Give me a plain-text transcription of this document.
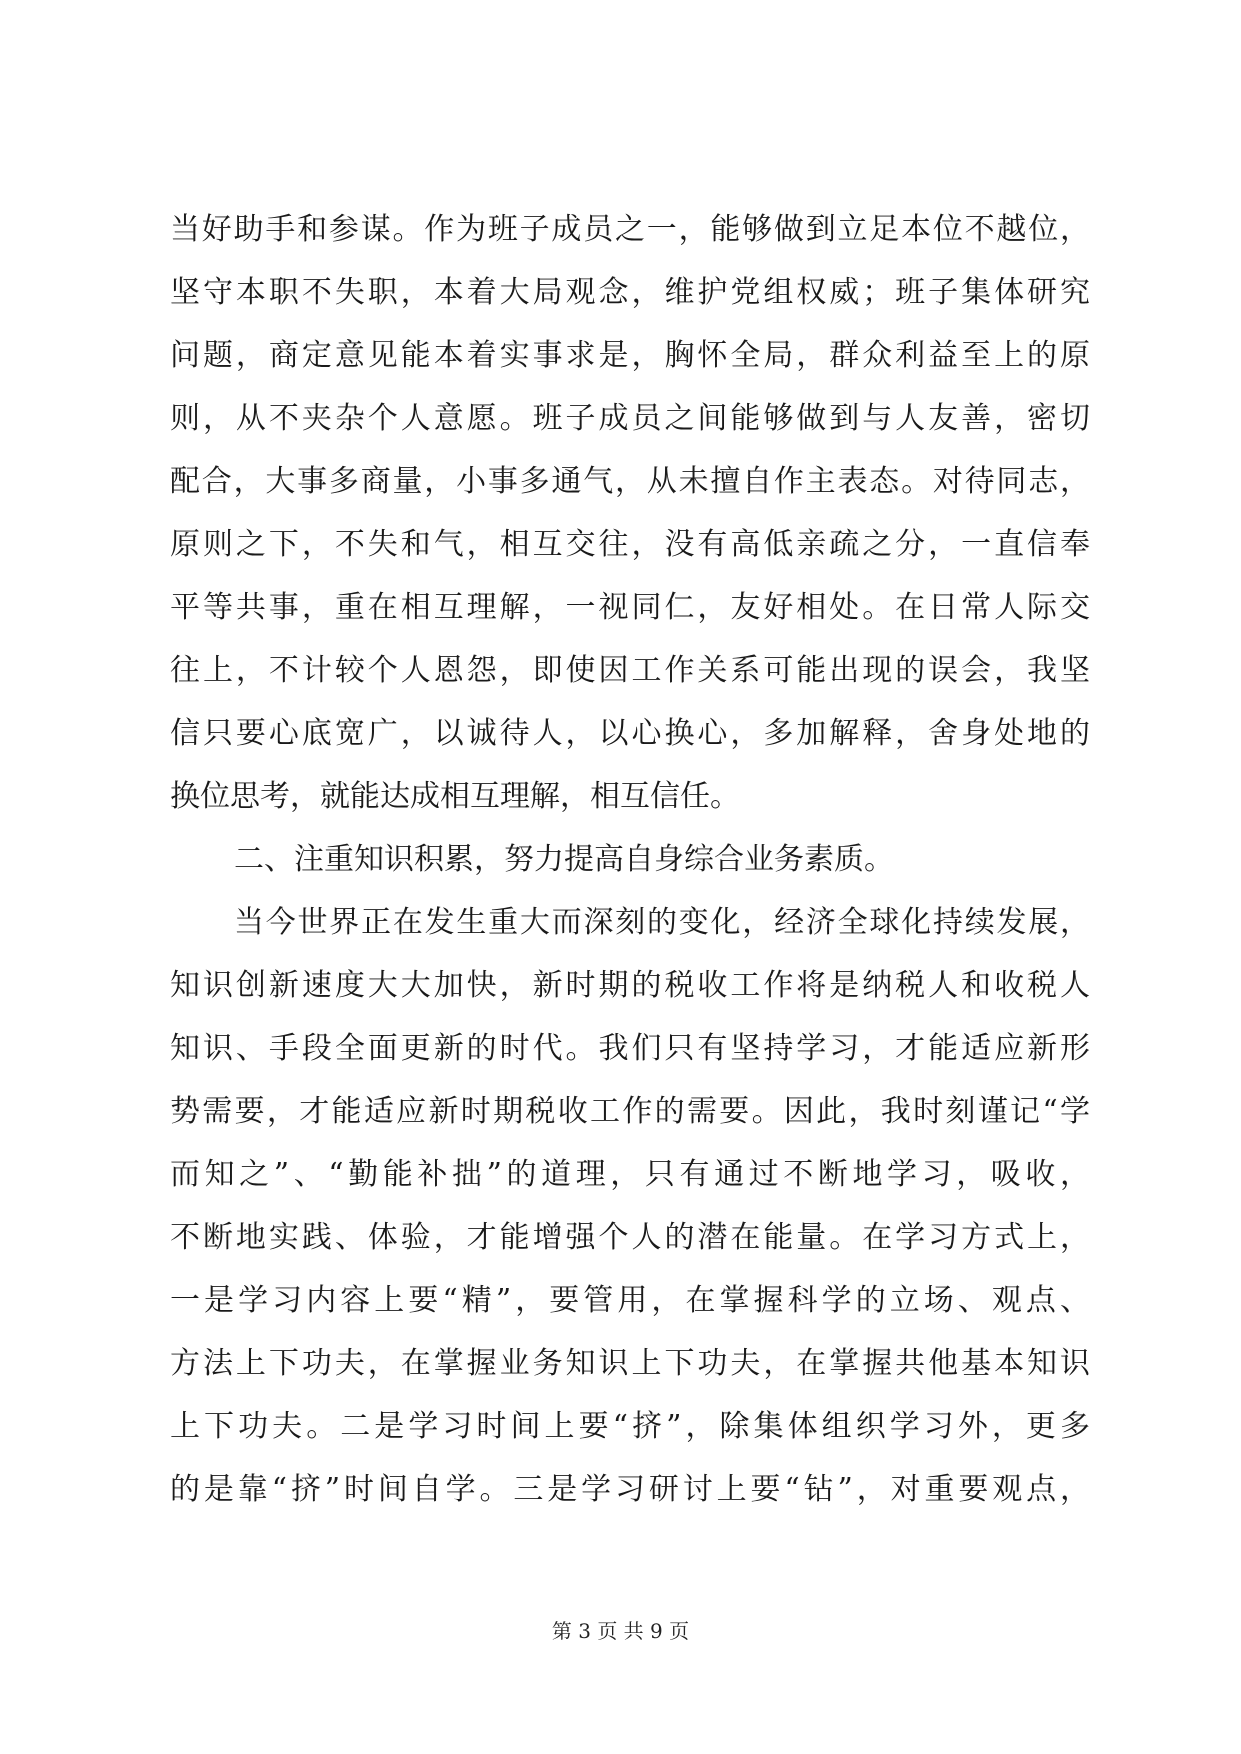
当好助手和参谋。作为班子成员之一，能够做到立足本位不越位，
坚守本职不失职，本着大局观念，维护党组权威；班子集体研究
问题，商定意见能本着实事求是，胸怀全局，群众利益至上的原
则，从不夹杂个人意愿。班子成员之间能够做到与人友善，密切
配合，大事多商量，小事多通气，从未擅自作主表态。对待同志，
原则之下，不失和气，相互交往，没有高低亲疏之分，一直信奉
平等共事，重在相互理解，一视同仁，友好相处。在日常人际交
往上，不计较个人恩怨，即使因工作关系可能出现的误会，我坚
信只要心底宽广，以诚待人，以心换心，多加解释，舍身处地的
换位思考，就能达成相互理解，相互信任。
二、注重知识积累，努力提高自身综合业务素质。
当今世界正在发生重大而深刻的变化，经济全球化持续发展，
知识创新速度大大加快，新时期的税收工作将是纳税人和收税人
知识、手段全面更新的时代。我们只有坚持学习，才能适应新形
势需要，才能适应新时期税收工作的需要。因此，我时刻谨记“学
而知之”、“勤能补拙”的道理，只有通过不断地学习，吸收，
不断地实践、体验，才能增强个人的潜在能量。在学习方式上，
一是学习内容上要“精”，要管用，在掌握科学的立场、观点、
方法上下功夫，在掌握业务知识上下功夫，在掌握共他基本知识
上下功夫。二是学习时间上要“挤”，除集体组织学习外，更多
的是靠“挤”时间自学。三是学习研讨上要“钻”，对重要观点，
第 3 页 共 9 页
